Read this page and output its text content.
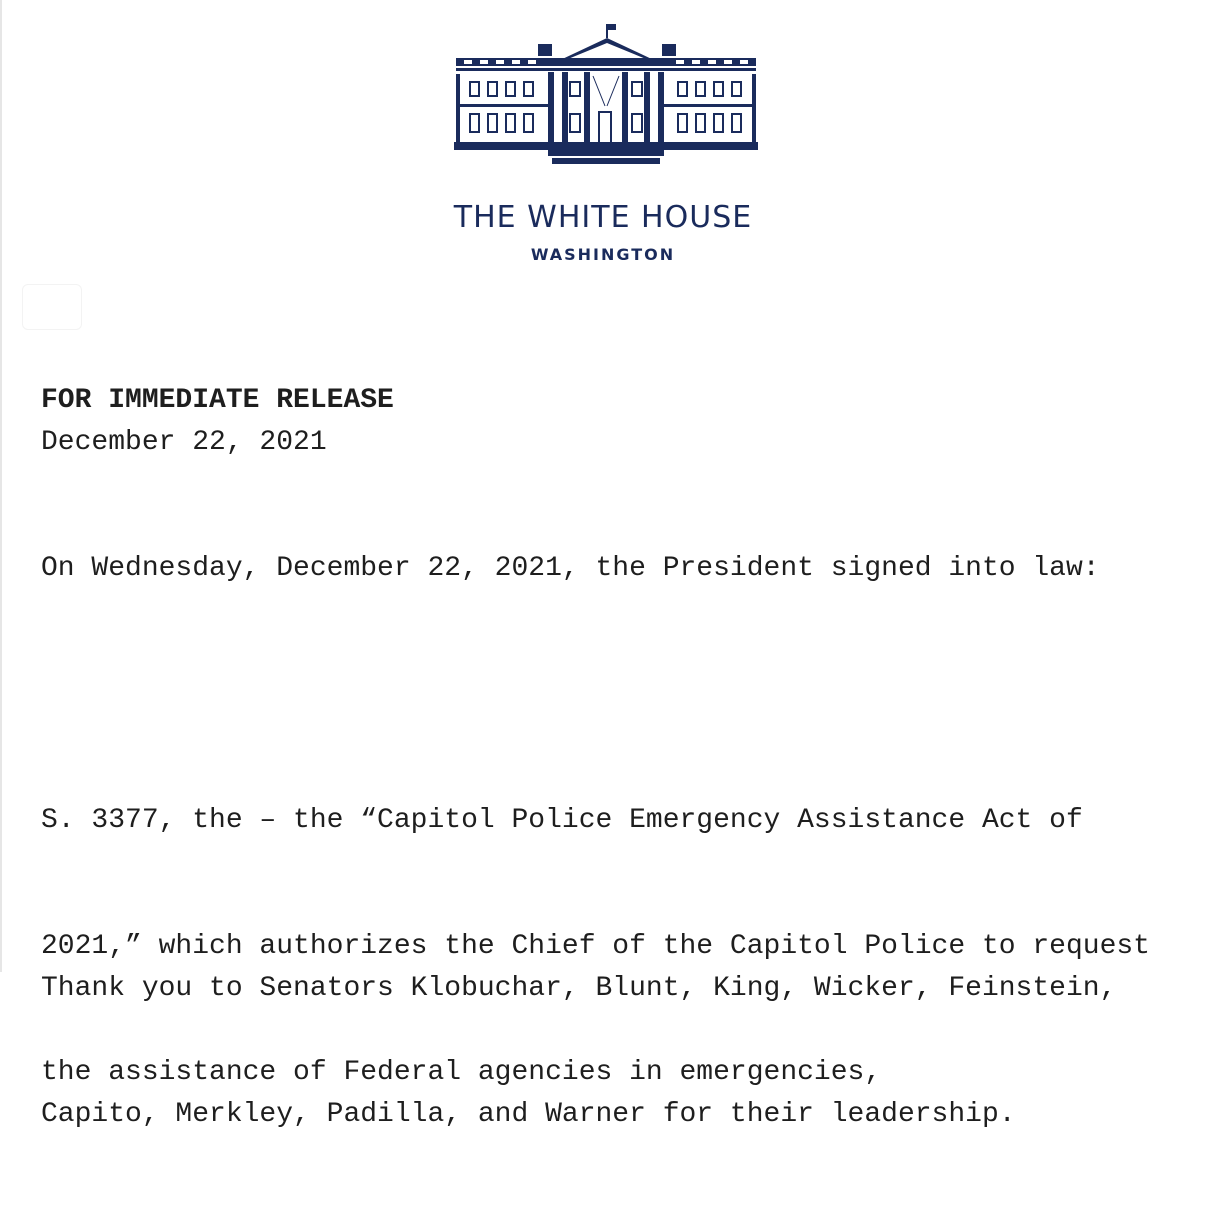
THE WHITE HOUSE
WASHINGTON

FOR IMMEDIATE RELEASE

December 22, 2021

On Wednesday, December 22, 2021, the President signed into law:

S. 3377, the – the “Capitol Police Emergency Assistance Act of

2021,” which authorizes the Chief of the Capitol Police to request

the assistance of Federal agencies in emergencies,

Thank you to Senators Klobuchar, Blunt, King, Wicker, Feinstein,

Capito, Merkley, Padilla, and Warner for their leadership.
